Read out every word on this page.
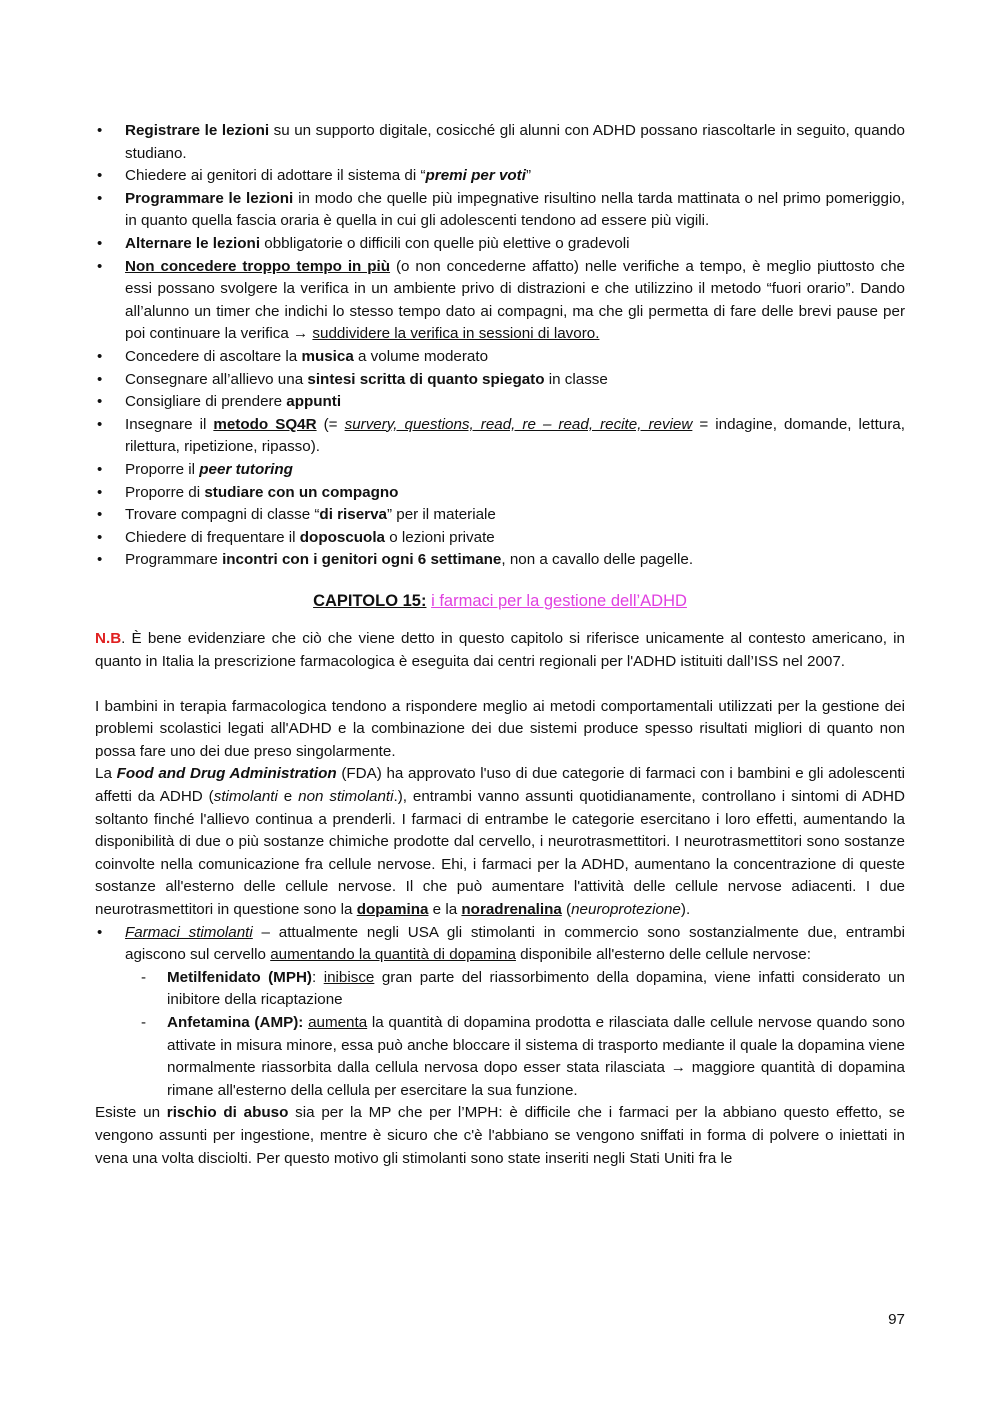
• Registrare le lezioni su un supporto digitale, cosicché gli alunni con ADHD possano riascoltarle in seguito, quando studiano.
• Chiedere ai genitori di adottare il sistema di “premi per voti”
• Programmare le lezioni in modo che quelle più impegnative risultino nella tarda mattinata o nel primo pomeriggio, in quanto quella fascia oraria è quella in cui gli adolescenti tendono ad essere più vigili.
• Alternare le lezioni obbligatorie o difficili con quelle più elettive o gradevoli
• Non concedere troppo tempo in più (o non concederne affatto) nelle verifiche a tempo, è meglio piuttosto che essi possano svolgere la verifica in un ambiente privo di distrazioni e che utilizzino il metodo “fuori orario”. Dando all’alunno un timer che indichi lo stesso tempo dato ai compagni, ma che gli permetta di fare delle brevi pause per poi continuare la verifica → suddividere la verifica in sessioni di lavoro.
• Concedere di ascoltare la musica a volume moderato
• Consegnare all’allievo una sintesi scritta di quanto spiegato in classe
• Consigliare di prendere appunti
• Insegnare il metodo SQ4R (= survery, questions, read, re – read, recite, review = indagine, domande, lettura, rilettura, ripetizione, ripasso).
• Proporre il peer tutoring
• Proporre di studiare con un compagno
• Trovare compagni di classe “di riserva” per il materiale
• Chiedere di frequentare il doposcuola o lezioni private
• Programmare incontri con i genitori ogni 6 settimane, non a cavallo delle pagelle.
CAPITOLO 15: i farmaci per la gestione dell’ADHD

N.B. È bene evidenziare che ciò che viene detto in questo capitolo si riferisce unicamente al contesto americano, in quanto in Italia la prescrizione farmacologica è eseguita dai centri regionali per l'ADHD istituiti dall’ISS nel 2007.

I bambini in terapia farmacologica tendono a rispondere meglio ai metodi comportamentali utilizzati per la gestione dei problemi scolastici legati all'ADHD e la combinazione dei due sistemi produce spesso risultati migliori di quanto non possa fare uno dei due preso singolarmente.

La Food and Drug Administration (FDA) ha approvato l'uso di due categorie di farmaci con i bambini e gli adolescenti affetti da ADHD (stimolanti e non stimolanti.), entrambi vanno assunti quotidianamente, controllano i sintomi di ADHD soltanto finché l'allievo continua a prenderli. I farmaci di entrambe le categorie esercitano i loro effetti, aumentando la disponibilità di due o più sostanze chimiche prodotte dal cervello, i neurotrasmettitori. I neurotrasmettitori sono sostanze coinvolte nella comunicazione fra cellule nervose. Ehi, i farmaci per la ADHD, aumentano la concentrazione di queste sostanze all'esterno delle cellule nervose. Il che può aumentare l'attività delle cellule nervose adiacenti. I due neurotrasmettitori in questione sono la dopamina e la noradrenalina (neuroprotezione).

• Farmaci stimolanti – attualmente negli USA gli stimolanti in commercio sono sostanzialmente due, entrambi agiscono sul cervello aumentando la quantità di dopamina disponibile all'esterno delle cellule nervose:
- Metilfenidato (MPH): inibisce gran parte del riassorbimento della dopamina, viene infatti considerato un inibitore della ricaptazione
- Anfetamina (AMP): aumenta la quantità di dopamina prodotta e rilasciata dalle cellule nervose quando sono attivate in misura minore, essa può anche bloccare il sistema di trasporto mediante il quale la dopamina viene normalmente riassorbita dalla cellula nervosa dopo esser stata rilasciata → maggiore quantità di dopamina rimane all'esterno della cellula per esercitare la sua funzione.

Esiste un rischio di abuso sia per la MP che per l’MPH: è difficile che i farmaci per la abbiano questo effetto, se vengono assunti per ingestione, mentre è sicuro che c'è l'abbiano se vengono sniffati in forma di polvere o iniettati in vena una volta disciolti. Per questo motivo gli stimolanti sono state inseriti negli Stati Uniti fra le

97
